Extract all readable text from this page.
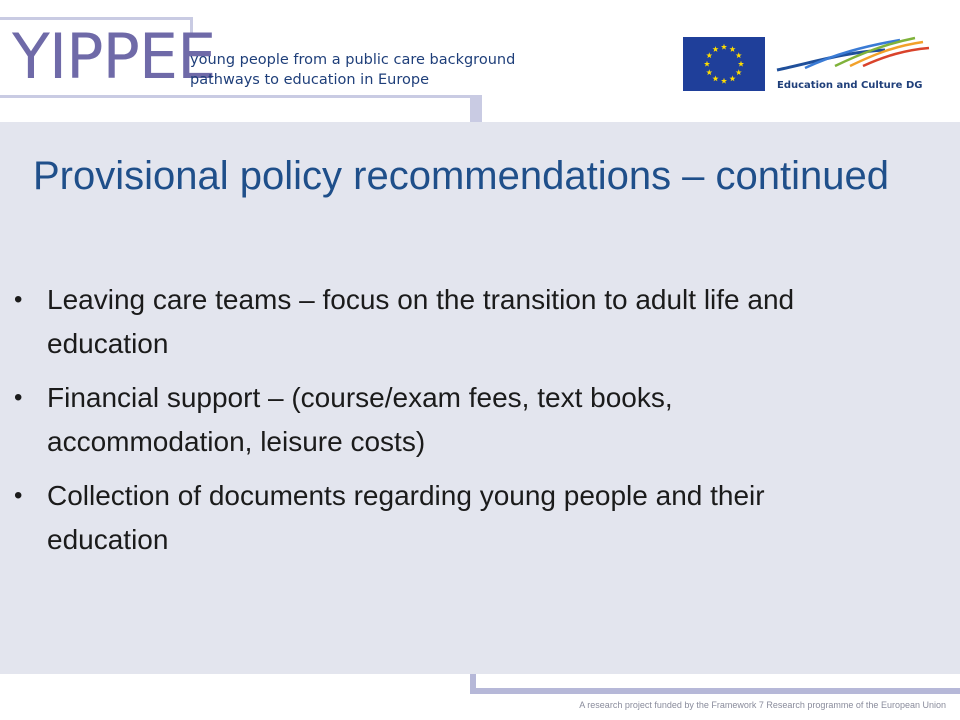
YIPPEE
young people from a public care background
pathways to education in Europe	Education and Culture DG
Provisional policy recommendations – continued
• Leaving care teams – focus on the transition to adult life and education
• Financial support – (course/exam fees, text books, accommodation, leisure costs)
• Collection of documents regarding young people and their education
A research project funded by the Framework 7 Research programme of the European Union
